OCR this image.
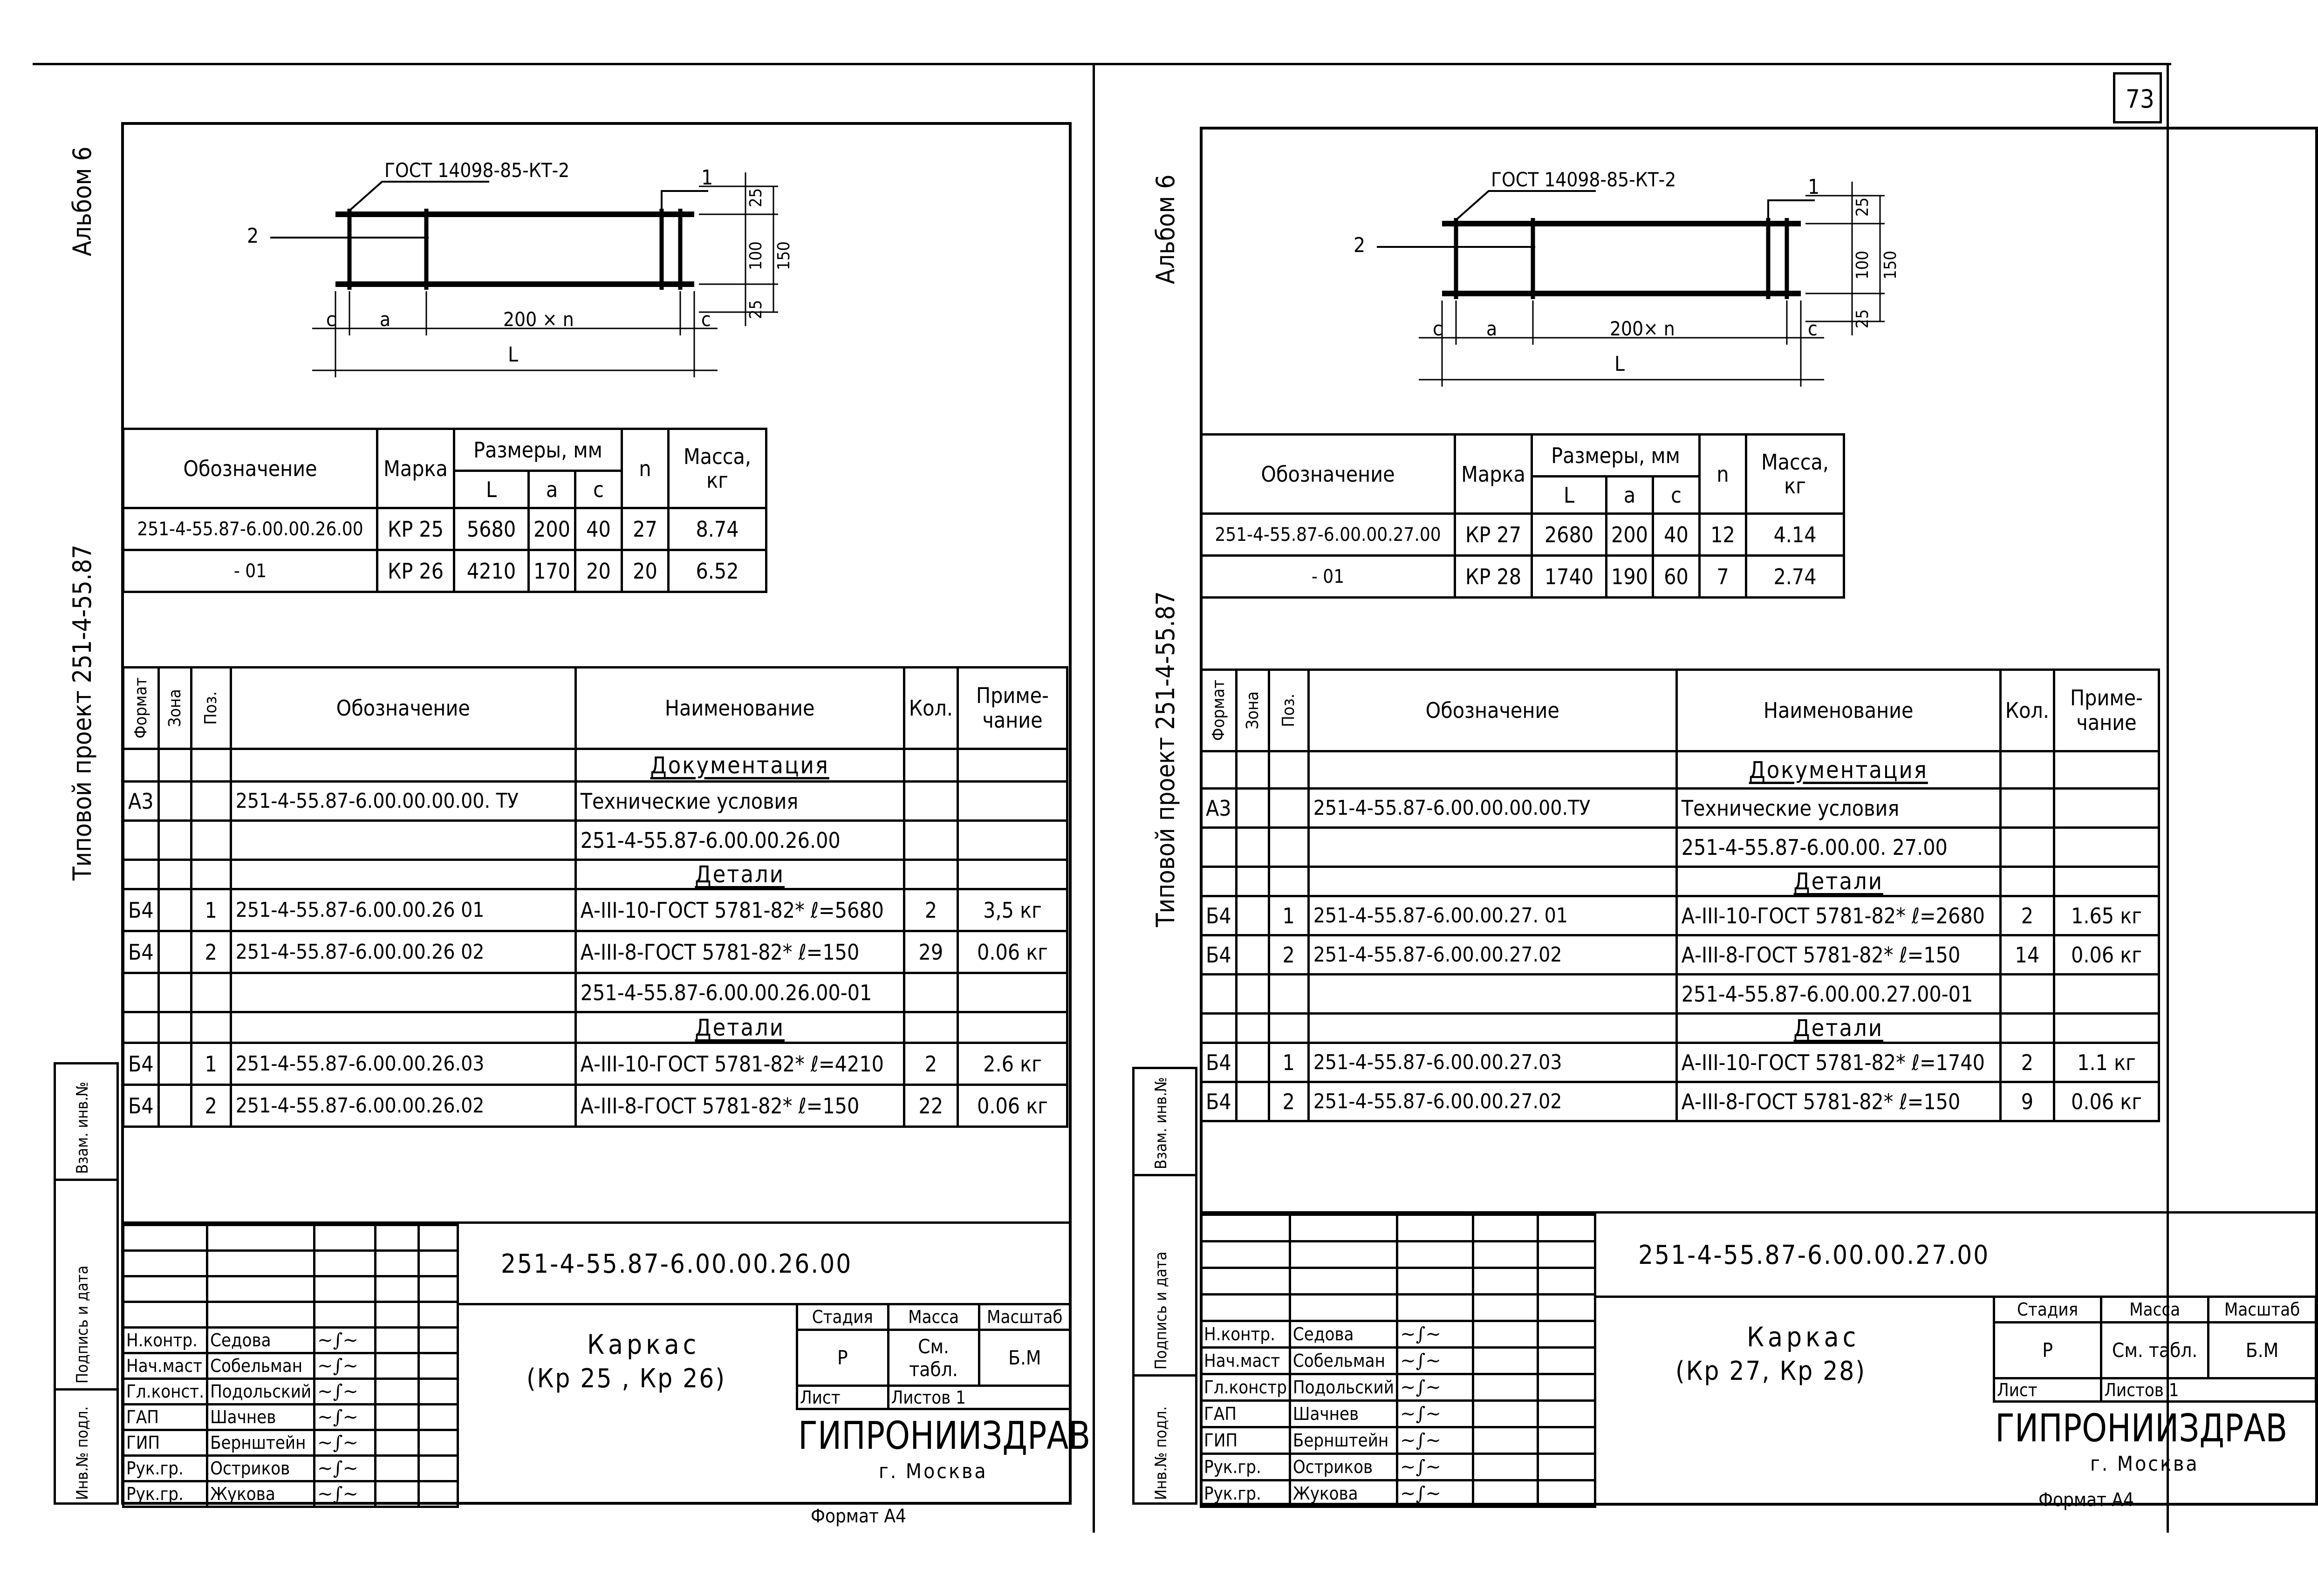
73
Альбом 6
Типовой проект 251-4-55.87
ГОСТ 14098-85-КТ-2	1
2
25
100 150
25
c a	200 × n	c
L
Обозначение	Марка	Размеры, мм			n	Масса, кг
		L	a	c		
251-4-55.87-6.00.00.26.00	КР 25	5680	200	40	27	8.74
- 01	КР 26	4210	170	20	20	6.52
Формат	Зона	Поз.	Обозначение	Наименование	Кол.	Приме-чание
				Документация		
А3			251-4-55.87-6.00.00.00.00. ТУ	Технические условия		
				251-4-55.87-6.00.00.26.00		
				Детали		
Б4		1	251-4-55.87-6.00.00.26 01	А-III-10-ГОСТ 5781-82* ℓ=5680	2	3,5 кг
Б4		2	251-4-55.87-6.00.00.26 02	А-III-8-ГОСТ 5781-82* ℓ=150	29	0.06 кг
				251-4-55.87-6.00.00.26.00-01		
				Детали		
Б4		1	251-4-55.87-6.00.00.26.03	А-III-10-ГОСТ 5781-82* ℓ=4210	2	2.6 кг
Б4		2	251-4-55.87-6.00.00.26.02	А-III-8-ГОСТ 5781-82* ℓ=150	22	0.06 кг
Взам. инв.№
Подпись и дата
Инв.№ подл.

Н.контр.	Седова	~∫∼		
Нач.маст	Собельман	~∫∼		
Гл.конст.	Подольский	~∫∼		
ГАП	Шачнев	~∫∼		
ГИП	Бернштейн	~∫∼		
Рук.гр.	Остриков	~∫∼		
Рук.гр.	Жукова	~∫∼		
251-4-55.87-6.00.00.26.00
Каркас
(Кр 25 , Кр 26)
Стадия	Масса	Масштаб
Р	См. табл.	Б.М
Лист	Листов 1	
ГИПРОНИИЗДРАВ
г. Москва
Формат А4
Альбом 6
Типовой проект 251-4-55.87
ГОСТ 14098-85-КТ-2	1
2
25
100 150
25
c a	200× n	c
L
Обозначение	Марка	Размеры, мм			n	Масса, кг
		L	a	c		
251-4-55.87-6.00.00.27.00	КР 27	2680	200	40	12	4.14
- 01	КР 28	1740	190	60	7	2.74
Формат	Зона	Поз.	Обозначение	Наименование	Кол.	Приме-чание
				Документация		
А3			251-4-55.87-6.00.00.00.00.ТУ	Технические условия		
				251-4-55.87-6.00.00. 27.00		
				Детали		
Б4		1	251-4-55.87-6.00.00.27. 01	А-III-10-ГОСТ 5781-82* ℓ=2680	2	1.65 кг
Б4		2	251-4-55.87-6.00.00.27.02	А-III-8-ГОСТ 5781-82* ℓ=150	14	0.06 кг
				251-4-55.87-6.00.00.27.00-01		
				Детали		
Б4		1	251-4-55.87-6.00.00.27.03	А-III-10-ГОСТ 5781-82* ℓ=1740	2	1.1 кг
Б4		2	251-4-55.87-6.00.00.27.02	А-III-8-ГОСТ 5781-82* ℓ=150	9	0.06 кг
Взам. инв.№
Подпись и дата
Инв.№ подл.

Н.контр.	Седова	~∫∼		
Нач.маст	Собельман	~∫∼		
Гл.констр	Подольский	~∫∼		
ГАП	Шачнев	~∫∼		
ГИП	Бернштейн	~∫∼		
Рук.гр.	Остриков	~∫∼		
Рук.гр.	Жукова	~∫∼		
251-4-55.87-6.00.00.27.00
Каркас
(Кр 27, Кр 28)
Стадия	Масса	Масштаб
Р	См. табл.	Б.М
Лист	Листов 1	
ГИПРОНИИЗДРАВ
г. Москва
Формат А4
